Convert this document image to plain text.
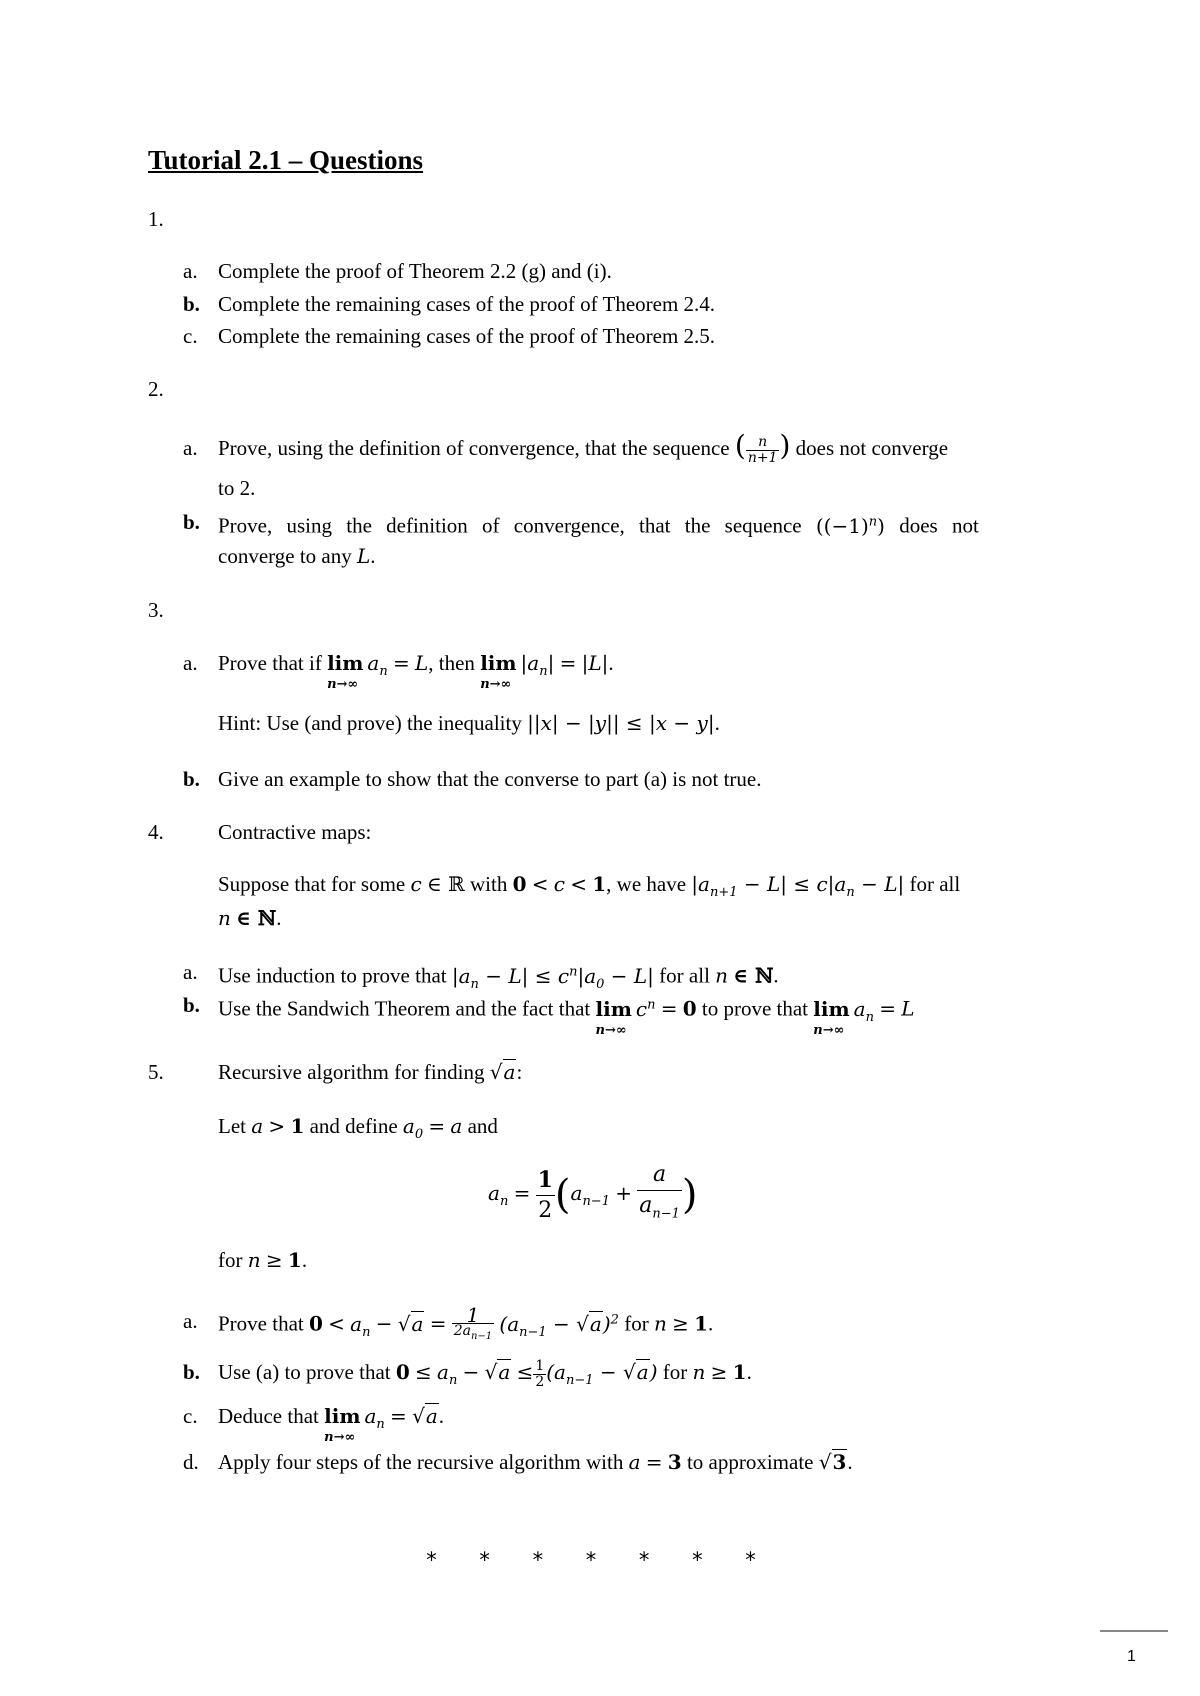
Tutorial 2.1 – Questions
1.
a. Complete the proof of Theorem 2.2 (g) and (i).
b. Complete the remaining cases of the proof of Theorem 2.4.
c. Complete the remaining cases of the proof of Theorem 2.5.
2.
a. Prove, using the definition of convergence, that the sequence ( $\frac{n}{n+1}$ ) does not converge
to 2.
b. Prove, using the definition of convergence, that the sequence $((-1)^n)$ does not
converge to any L.
3.
a. Prove that if lim
n→∞
$a_n = L$, then lim
n→∞
$|a_n| = |L|$.
Hint: Use (and prove) the inequality ||x| − |y|| ≤ |x − y|.
b. Give an example to show that the converse to part (a) is not true.
4.	Contractive maps:
Suppose that for some c ∈ ℝ with 0 < c < 1, we have $|a_{n+1} - L| \le c|a_n - L|$ for all
n ∈ ℕ.
a. Use induction to prove that $|a_n - L| \le c^n|a_0 - L|$ for all n ∈ ℕ.
b. Use the Sandwich Theorem and the fact that lim
n→∞
$c^n = 0$ to prove that lim
n→∞
$a_n = L$
5.	Recursive algorithm for finding √a:
Let a > 1 and define $a_0 = a$ and
$a_n = \frac{1}{2} (a_{n-1} + \frac{a}{a_{n-1}}$ )
for n ≥ 1.
a. Prove that $0 < a_n - √a = \frac{1}{2a_{n-1}} (a_{n-1} - √a)^2$ for n ≥ 1.
b. Use (a) to prove that $0 \le a_n - √a \le \frac{1}{2} (a_{n-1} - √a)$ for n ≥ 1.
c. Deduce that lim
n→∞
$a_n = √a$.
d. Apply four steps of the recursive algorithm with a = 3 to approximate √3.
* * * * * * *
1
